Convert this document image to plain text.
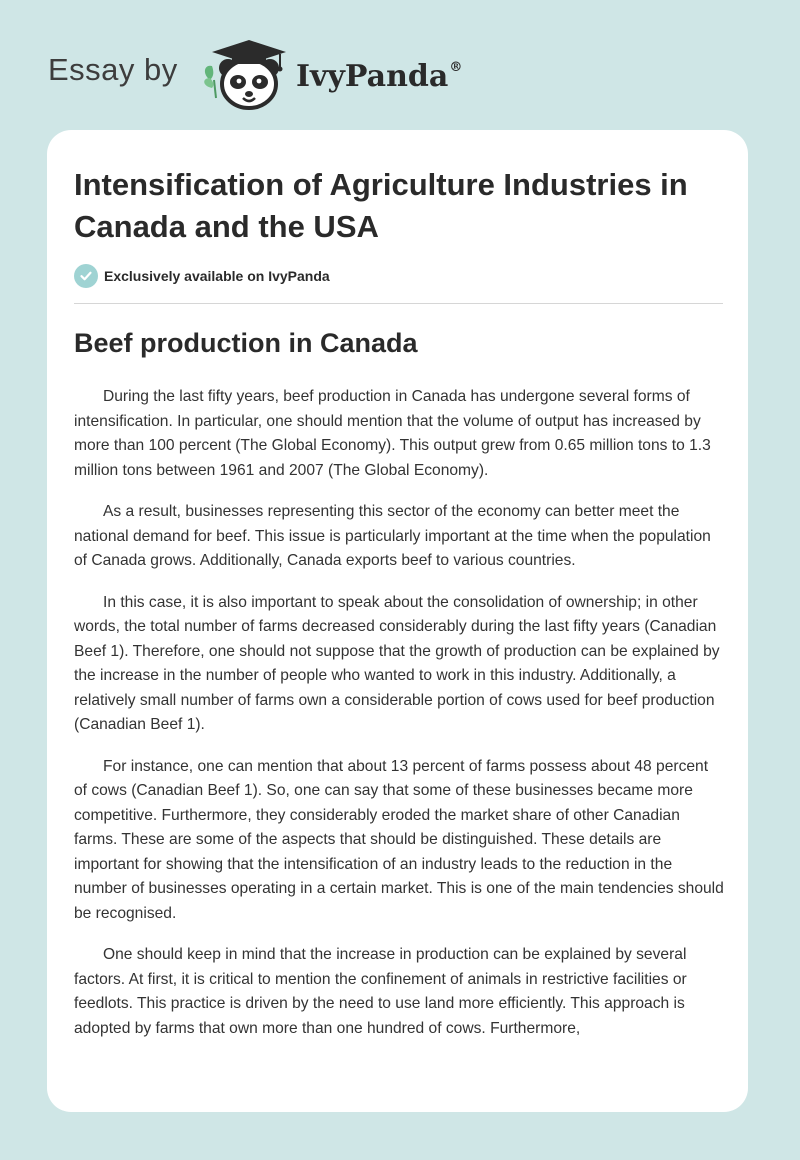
Essay by	IvyPanda®
Intensification of Agriculture Industries in Canada and the USA
Exclusively available on IvyPanda
Beef production in Canada

During the last fifty years, beef production in Canada has undergone several forms of intensification. In particular, one should mention that the volume of output has increased by more than 100 percent (The Global Economy). This output grew from 0.65 million tons to 1.3 million tons between 1961 and 2007 (The Global Economy).

As a result, businesses representing this sector of the economy can better meet the national demand for beef. This issue is particularly important at the time when the population of Canada grows. Additionally, Canada exports beef to various countries.

In this case, it is also important to speak about the consolidation of ownership; in other words, the total number of farms decreased considerably during the last fifty years (Canadian Beef 1). Therefore, one should not suppose that the growth of production can be explained by the increase in the number of people who wanted to work in this industry. Additionally, a relatively small number of farms own a considerable portion of cows used for beef production (Canadian Beef 1).

For instance, one can mention that about 13 percent of farms possess about 48 percent of cows (Canadian Beef 1). So, one can say that some of these businesses became more competitive. Furthermore, they considerably eroded the market share of other Canadian farms. These are some of the aspects that should be distinguished. These details are important for showing that the intensification of an industry leads to the reduction in the number of businesses operating in a certain market. This is one of the main tendencies should be recognised.

One should keep in mind that the increase in production can be explained by several factors. At first, it is critical to mention the confinement of animals in restrictive facilities or feedlots. This practice is driven by the need to use land more efficiently. This approach is adopted by farms that own more than one hundred of cows. Furthermore,
